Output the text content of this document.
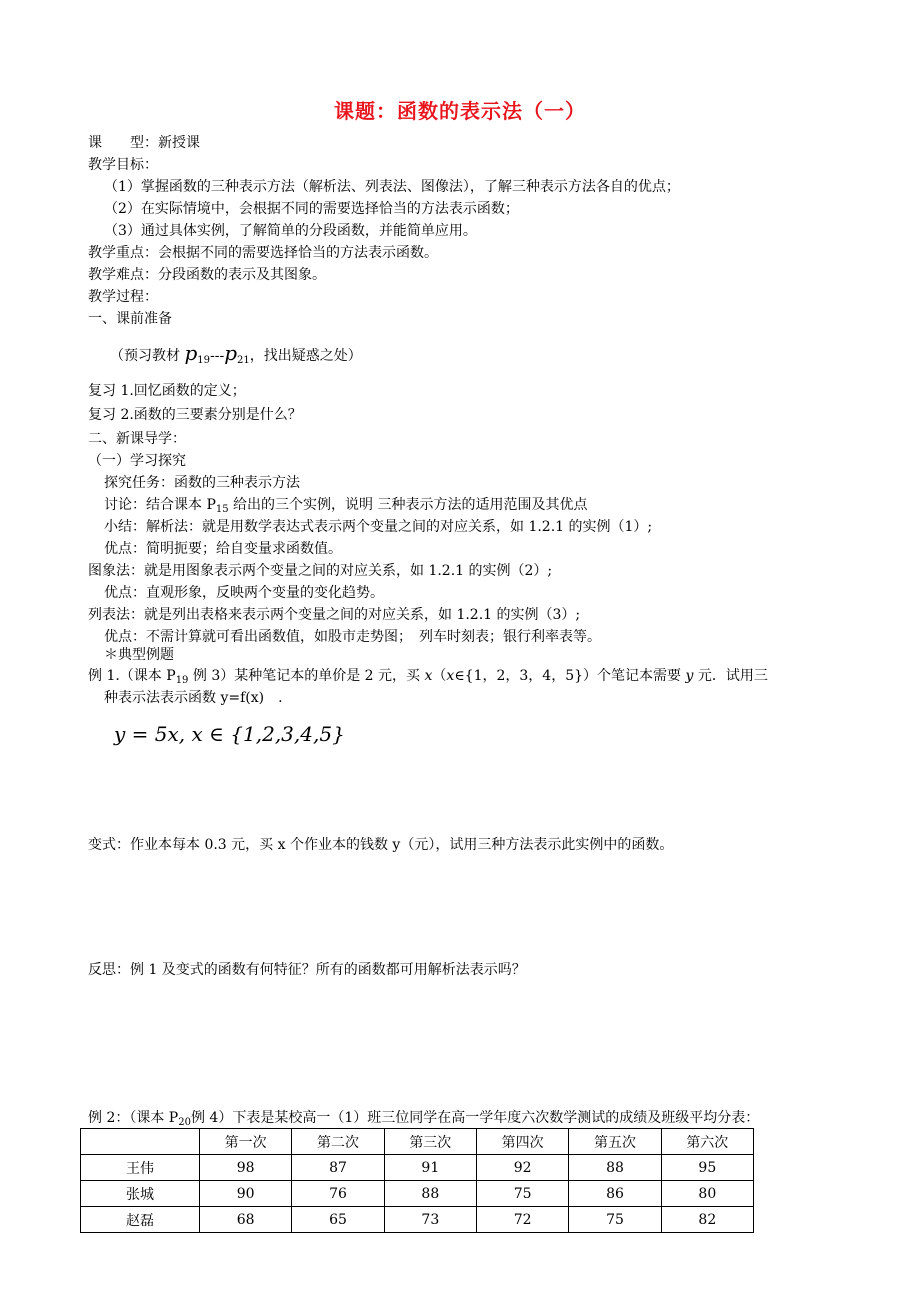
课题：函数的表示法（一）
课　　型：新授课
教学目标：
（1）掌握函数的三种表示方法（解析法、列表法、图像法），了解三种表示方法各自的优点；
（2）在实际情境中，会根据不同的需要选择恰当的方法表示函数；
（3）通过具体实例，了解简单的分段函数，并能简单应用。
教学重点：会根据不同的需要选择恰当的方法表示函数。
教学难点：分段函数的表示及其图象。
教学过程：
一、课前准备
（预习教材 $p_{19}---p_{21}$，找出疑惑之处）
复习 1.回忆函数的定义；
复习 2.函数的三要素分别是什么？
二、新课导学：
（一）学习探究
探究任务：函数的三种表示方法
讨论：结合课本 $P_{15}$ 给出的三个实例，说明 三种表示方法的适用范围及其优点
小结：解析法：就是用数学表达式表示两个变量之间的对应关系，如 1.2.1 的实例（1）;
优点：简明扼要；给自变量求函数值。
图象法：就是用图象表示两个变量之间的对应关系，如 1.2.1 的实例（2）;
优点：直观形象，反映两个变量的变化趋势。
列表法：就是列出表格来表示两个变量之间的对应关系，如 1.2.1 的实例（3）;
优点：不需计算就可看出函数值，如股市走势图；　列车时刻表；银行利率表等。
＊典型例题
例 1.（课本 $P_{19}$ 例 3）某种笔记本的单价是 2 元，买 x（x∈{1，2，3，4，5}）个笔记本需要 y 元．试用三
种表示法表示函数 y=f(x)　.
y = 5x, x ∈ {1,2,3,4,5}
变式：作业本每本 0.3 元，买 x 个作业本的钱数 y（元），试用三种方法表示此实例中的函数。
反思：例 1 及变式的函数有何特征？所有的函数都可用解析法表示吗？
例 2：（课本 $P_{20}$例 4）下表是某校高一（1）班三位同学在高一学年度六次数学测试的成绩及班级平均分表：
	第一次	第二次	第三次	第四次	第五次	第六次
王伟	98	87	91	92	88	95
张城	90	76	88	75	86	80
赵磊	68	65	73	72	75	82
